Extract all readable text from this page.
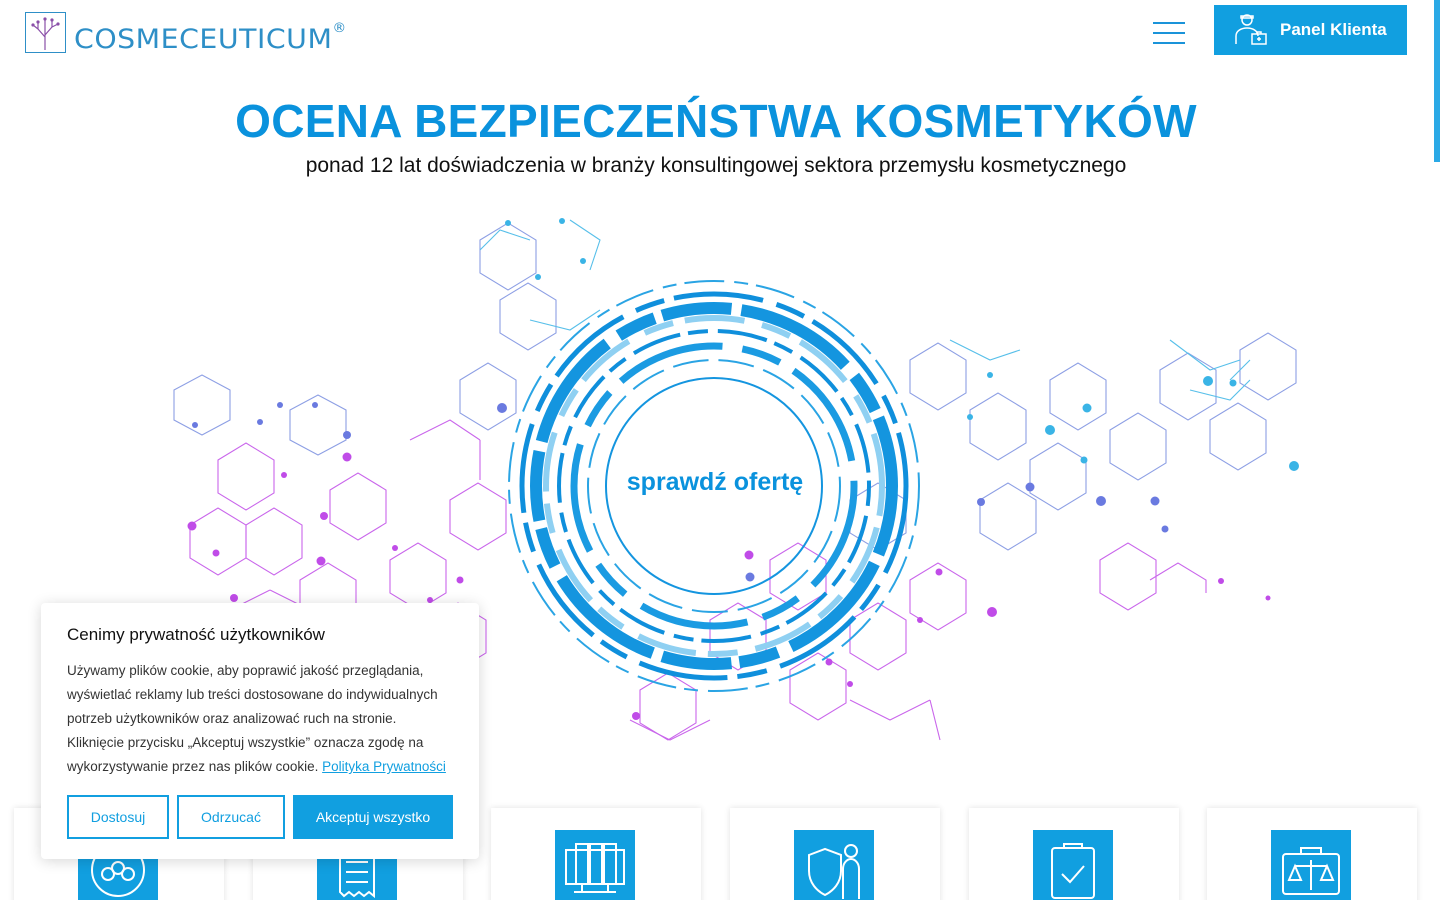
COSMECEUTICUM®	Panel Klienta
OCENA BEZPIECZEŃSTWA KOSMETYKÓW

ponad 12 lat doświadczenia w branży konsultingowej sektora przemysłu kosmetycznego

sprawdź ofertę
Cenimy prywatność użytkowników

Używamy plików cookie, aby poprawić jakość przeglądania, wyświetlać reklamy lub treści dostosowane do indywidualnych potrzeb użytkowników oraz analizować ruch na stronie. Kliknięcie przycisku „Akceptuj wszystkie” oznacza zgodę na wykorzystywanie przez nas plików cookie. Polityka Prywatności

Dostosuj	Odrzucać	Akceptuj wszystko
